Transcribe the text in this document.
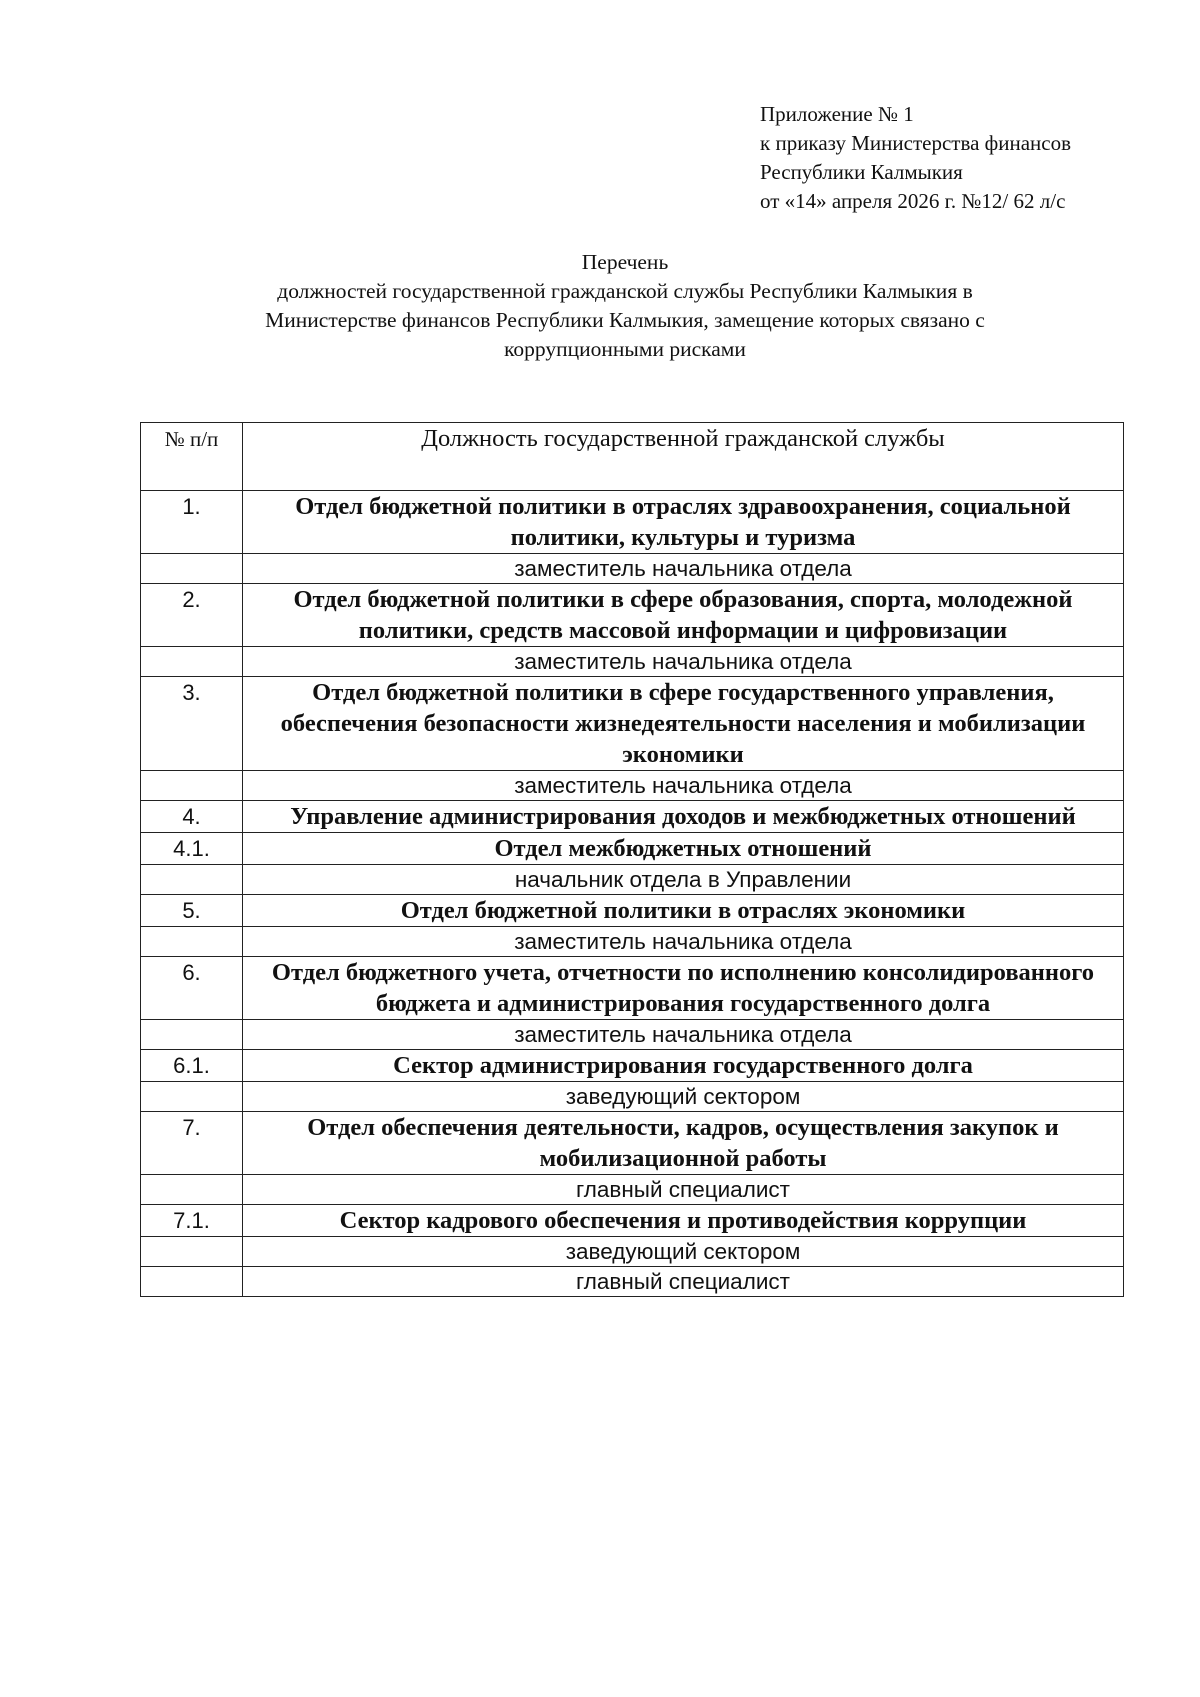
Приложение № 1
к приказу Министерства финансов
Республики Калмыкия
от «14» апреля 2026 г. №12/ 62 л/с
Перечень
должностей государственной гражданской службы Республики Калмыкия в
Министерстве финансов Республики Калмыкия, замещение которых связано с
коррупционными рисками
№ п/п	Должность государственной гражданской службы
1.	Отдел бюджетной политики в отраслях здравоохранения, социальной политики, культуры и туризма
	заместитель начальника отдела
2.	Отдел бюджетной политики в сфере образования, спорта, молодежной политики, средств массовой информации и цифровизации
	заместитель начальника отдела
3.	Отдел бюджетной политики в сфере государственного управления, обеспечения безопасности жизнедеятельности населения и мобилизации экономики
	заместитель начальника отдела
4.	Управление администрирования доходов и межбюджетных отношений
4.1.	Отдел межбюджетных отношений
	начальник отдела в Управлении
5.	Отдел бюджетной политики в отраслях экономики
	заместитель начальника отдела
6.	Отдел бюджетного учета, отчетности по исполнению консолидированного бюджета и администрирования государственного долга
	заместитель начальника отдела
6.1.	Сектор администрирования государственного долга
	заведующий сектором
7.	Отдел обеспечения деятельности, кадров, осуществления закупок и мобилизационной работы
	главный специалист
7.1.	Сектор кадрового обеспечения и противодействия коррупции
	заведующий сектором
	главный специалист
